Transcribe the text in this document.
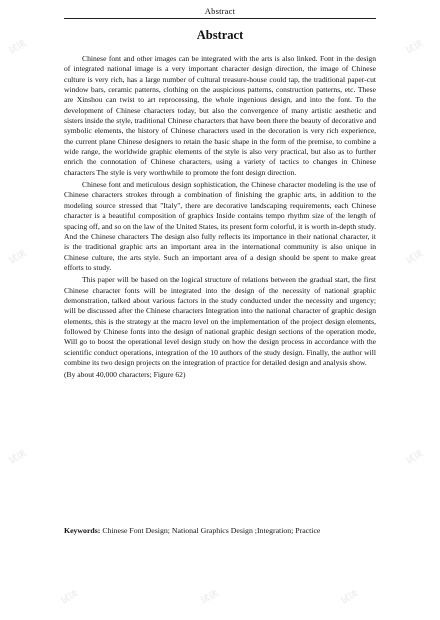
试读	试读
试读	试读
试读	试读
试读	试读	试读
Abstract
Abstract

Chinese font and other images can be integrated with the arts is also linked. Font in the design of integrated national image is a very important character design direction, the image of Chinese culture is very rich, has a large number of cultural treasure-house could tap, the traditional paper-cut window bars, ceramic patterns, clothing on the auspicious patterns, construction patterns, etc. These are Xinshou can twist to art reprocessing, the whole ingenious design, and into the font. To the development of Chinese characters today, but also the convergence of many artistic aesthetic and sisters inside the style, traditional Chinese characters that have been there the beauty of decorative and symbolic elements, the history of Chinese characters used in the decoration is very rich experience, the current plane Chinese designers to retain the basic shape in the form of the premise, to combine a wide range, the worldwide graphic elements of the style is also very practical, but also as to further enrich the connotation of Chinese characters, using a variety of tactics to changes in Chinese characters The style is very worthwhile to promote the font design direction.

Chinese font and meticulous design sophistication, the Chinese character modeling is the use of Chinese characters strokes through a combination of finishing the graphic arts, in addition to the modeling source stressed that "Italy", there are decorative landscaping requirements, each Chinese character is a beautiful composition of graphics Inside contains tempo rhythm size of the length of spacing off, and so on the law of the United States, its present form colorful, it is worth in-depth study. And the Chinese characters The design also fully reflects its importance in their national character, it is the traditional graphic arts an important area in the international community is also unique in Chinese culture, the arts style. Such an important area of a design should be spent to make great efforts to study.

This paper will be based on the logical structure of relations between the gradual start, the first Chinese character fonts will be integrated into the design of the necessity of national graphic demonstration, talked about various factors in the study conducted under the necessity and urgency; will be discussed after the Chinese characters Integration into the national character of graphic design elements, this is the strategy at the macro level on the implementation of the project design elements, followed by Chinese fonts into the design of national graphic design sections of the operation mode, Will go to boost the operational level design study on how the design process in accordance with the scientific conduct operations, integration of the 10 authors of the study design. Finally, the author will combine its two design projects on the integration of practice for detailed design and analysis show.

(By about 40,000 characters; Figure 62)

Keywords: Chinese Font Design; National Graphics Design ;Integration; Practice
